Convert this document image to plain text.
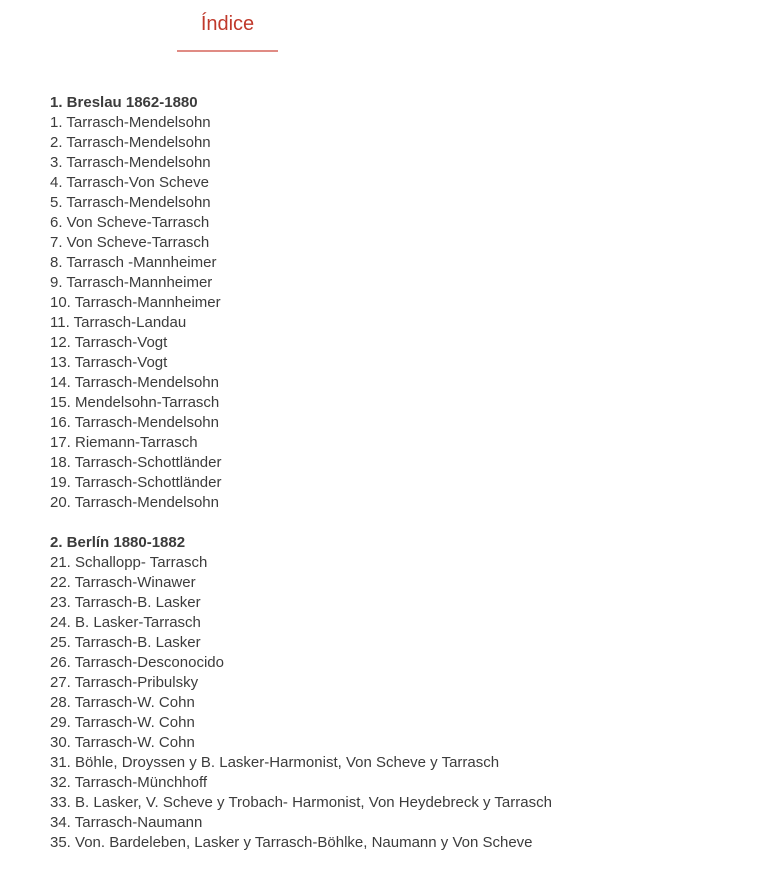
Índice

1. Breslau 1862-1880

1. Tarrasch-Mendelsohn

2. Tarrasch-Mendelsohn

3. Tarrasch-Mendelsohn

4. Tarrasch-Von Scheve

5. Tarrasch-Mendelsohn

6. Von Scheve-Tarrasch

7. Von Scheve-Tarrasch

8. Tarrasch -Mannheimer

9. Tarrasch-Mannheimer

10. Tarrasch-Mannheimer

11. Tarrasch-Landau

12. Tarrasch-Vogt

13. Tarrasch-Vogt

14. Tarrasch-Mendelsohn

15. Mendelsohn-Tarrasch

16. Tarrasch-Mendelsohn

17. Riemann-Tarrasch

18. Tarrasch-Schottländer

19. Tarrasch-Schottländer

20. Tarrasch-Mendelsohn

2. Berlín 1880-1882

21. Schallopp- Tarrasch

22. Tarrasch-Winawer

23. Tarrasch-B. Lasker

24. B. Lasker-Tarrasch

25. Tarrasch-B. Lasker

26. Tarrasch-Desconocido

27. Tarrasch-Pribulsky

28. Tarrasch-W. Cohn

29. Tarrasch-W. Cohn

30. Tarrasch-W. Cohn

31. Böhle, Droyssen y B. Lasker-Harmonist, Von Scheve y Tarrasch

32. Tarrasch-Münchhoff

33. B. Lasker, V. Scheve y Trobach- Harmonist, Von Heydebreck y Tarrasch

34. Tarrasch-Naumann

35. Von. Bardeleben, Lasker y Tarrasch-Böhlke, Naumann y Von Scheve
